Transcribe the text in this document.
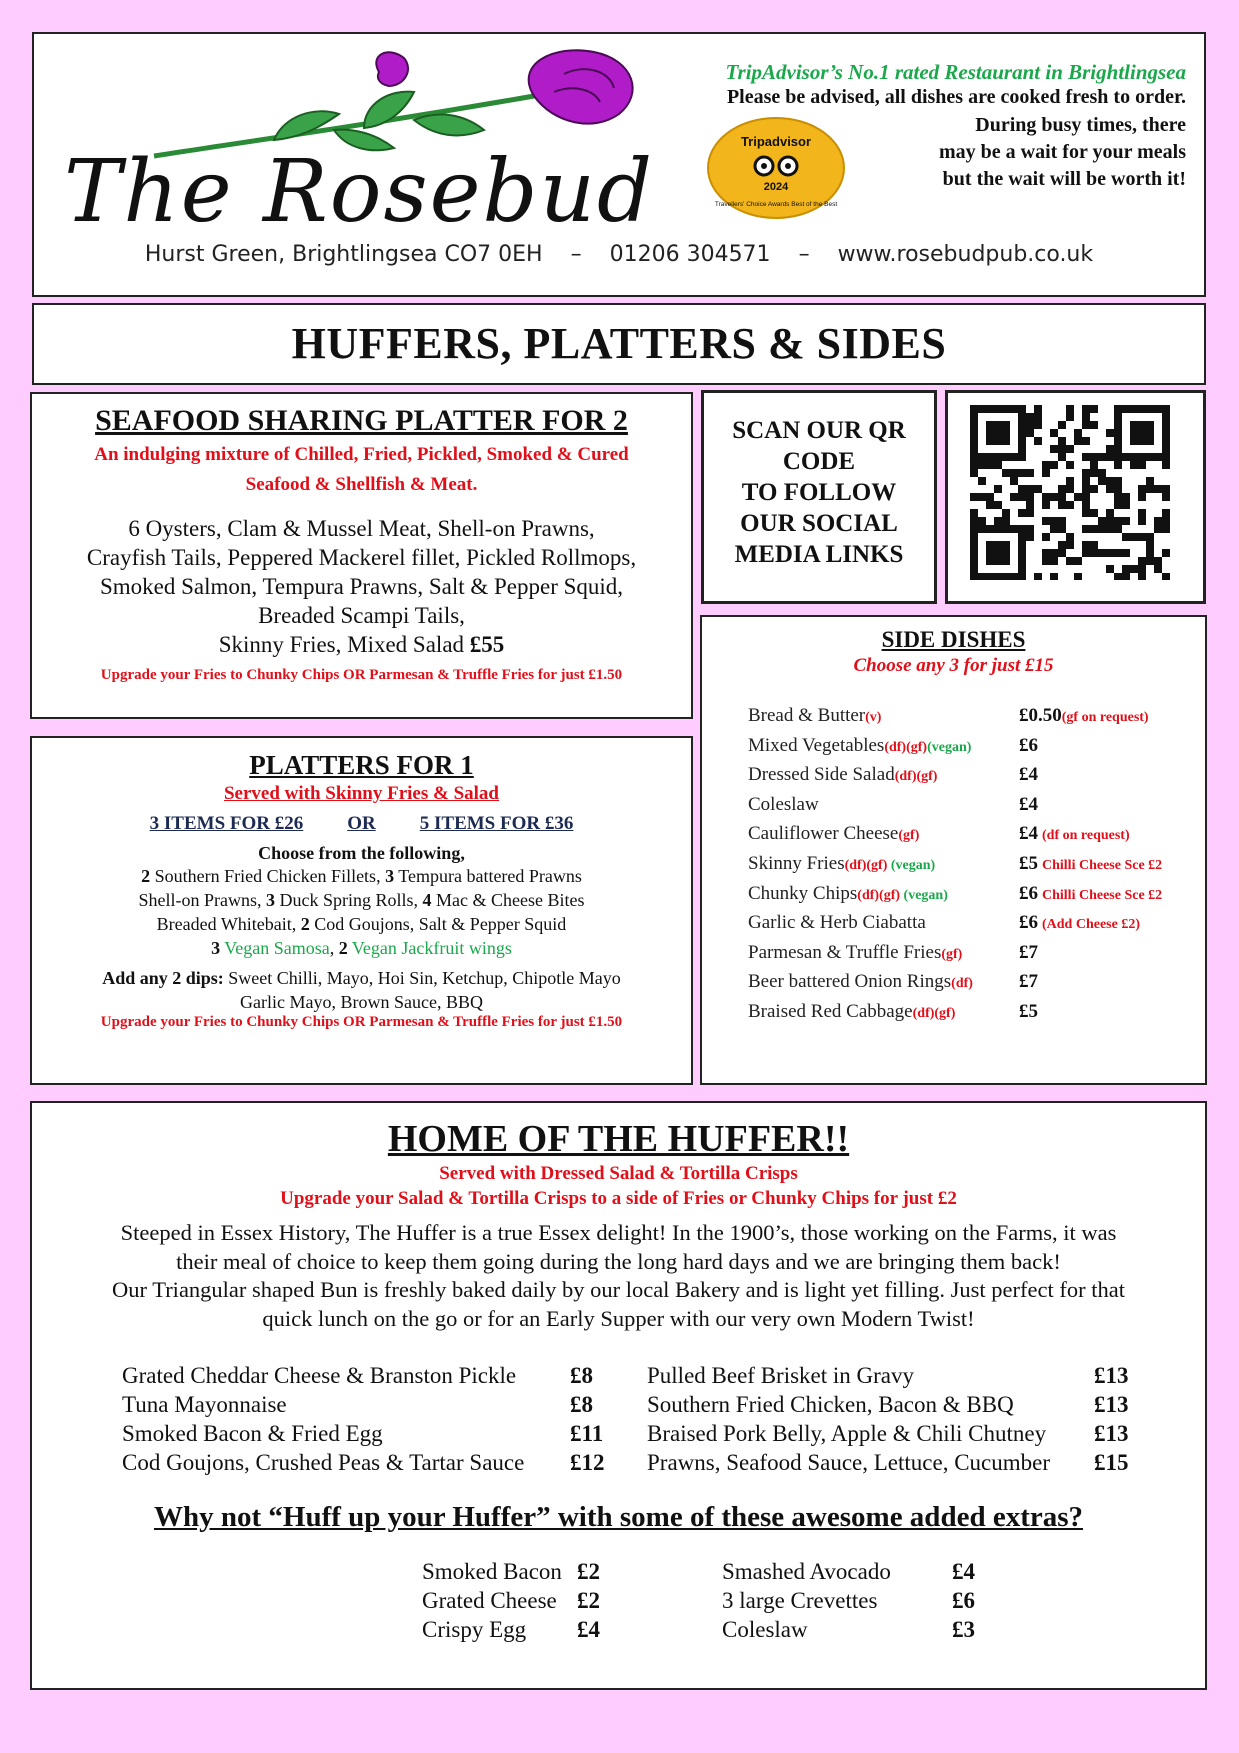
The Rosebud
TripAdvisor’s No.1 rated Restaurant in Brightlingsea
Please be advised, all dishes are cooked fresh to order.
During busy times, there
may be a wait for your meals
but the wait will be worth it!
Tripadvisor
2024
Travellers' Choice Awards Best of the Best
Hurst Green, Brightlingsea CO7 0EH – 01206 304571 – www.rosebudpub.co.uk
HUFFERS, PLATTERS & SIDES
SEAFOOD SHARING PLATTER FOR 2
An indulging mixture of Chilled, Fried, Pickled, Smoked & Cured
Seafood & Shellfish & Meat.
6 Oysters, Clam & Mussel Meat, Shell-on Prawns,
Crayfish Tails, Peppered Mackerel fillet, Pickled Rollmops,
Smoked Salmon, Tempura Prawns, Salt & Pepper Squid,
Breaded Scampi Tails,
Skinny Fries, Mixed Salad £55
Upgrade your Fries to Chunky Chips OR Parmesan & Truffle Fries for just £1.50

SCAN OUR QR
CODE
TO FOLLOW
OUR SOCIAL
MEDIA LINKS

SIDE DISHES
Choose any 3 for just £15
Bread & Butter(v)	£0.50(gf on request)
Mixed Vegetables(df)(gf)(vegan)	£6
Dressed Side Salad(df)(gf)	£4
Coleslaw	£4
Cauliflower Cheese(gf)	£4 (df on request)
Skinny Fries(df)(gf) (vegan)	£5 Chilli Cheese Sce £2
Chunky Chips(df)(gf) (vegan)	£6 Chilli Cheese Sce £2
Garlic & Herb Ciabatta	£6 (Add Cheese £2)
Parmesan & Truffle Fries(gf)	£7
Beer battered Onion Rings(df)	£7
Braised Red Cabbage(df)(gf)	£5
PLATTERS FOR 1
Served with Skinny Fries & Salad
3 ITEMS FOR £26 OR 5 ITEMS FOR £36
Choose from the following,
2 Southern Fried Chicken Fillets, 3 Tempura battered Prawns
Shell-on Prawns, 3 Duck Spring Rolls, 4 Mac & Cheese Bites
Breaded Whitebait, 2 Cod Goujons, Salt & Pepper Squid
3 Vegan Samosa, 2 Vegan Jackfruit wings
Add any 2 dips: Sweet Chilli, Mayo, Hoi Sin, Ketchup, Chipotle Mayo
Garlic Mayo, Brown Sauce, BBQ
Upgrade your Fries to Chunky Chips OR Parmesan & Truffle Fries for just £1.50
HOME OF THE HUFFER!!
Served with Dressed Salad & Tortilla Crisps
Upgrade your Salad & Tortilla Crisps to a side of Fries or Chunky Chips for just £2
Steeped in Essex History, The Huffer is a true Essex delight! In the 1900’s, those working on the Farms, it was
their meal of choice to keep them going during the long hard days and we are bringing them back!
Our Triangular shaped Bun is freshly baked daily by our local Bakery and is light yet filling. Just perfect for that
quick lunch on the go or for an Early Supper with our very own Modern Twist!
Grated Cheddar Cheese & Branston Pickle	£8
Tuna Mayonnaise	£8
Smoked Bacon & Fried Egg	£11
Cod Goujons, Crushed Peas & Tartar Sauce	£12
Pulled Beef Brisket in Gravy	£13
Southern Fried Chicken, Bacon & BBQ	£13
Braised Pork Belly, Apple & Chili Chutney	£13
Prawns, Seafood Sauce, Lettuce, Cucumber	£15
Why not “Huff up your Huffer” with some of these awesome added extras?
Smoked Bacon £2
Grated Cheese £2
Crispy Egg	£4
Smashed Avocado	£4
3 large Crevettes	£6
Coleslaw	£3
